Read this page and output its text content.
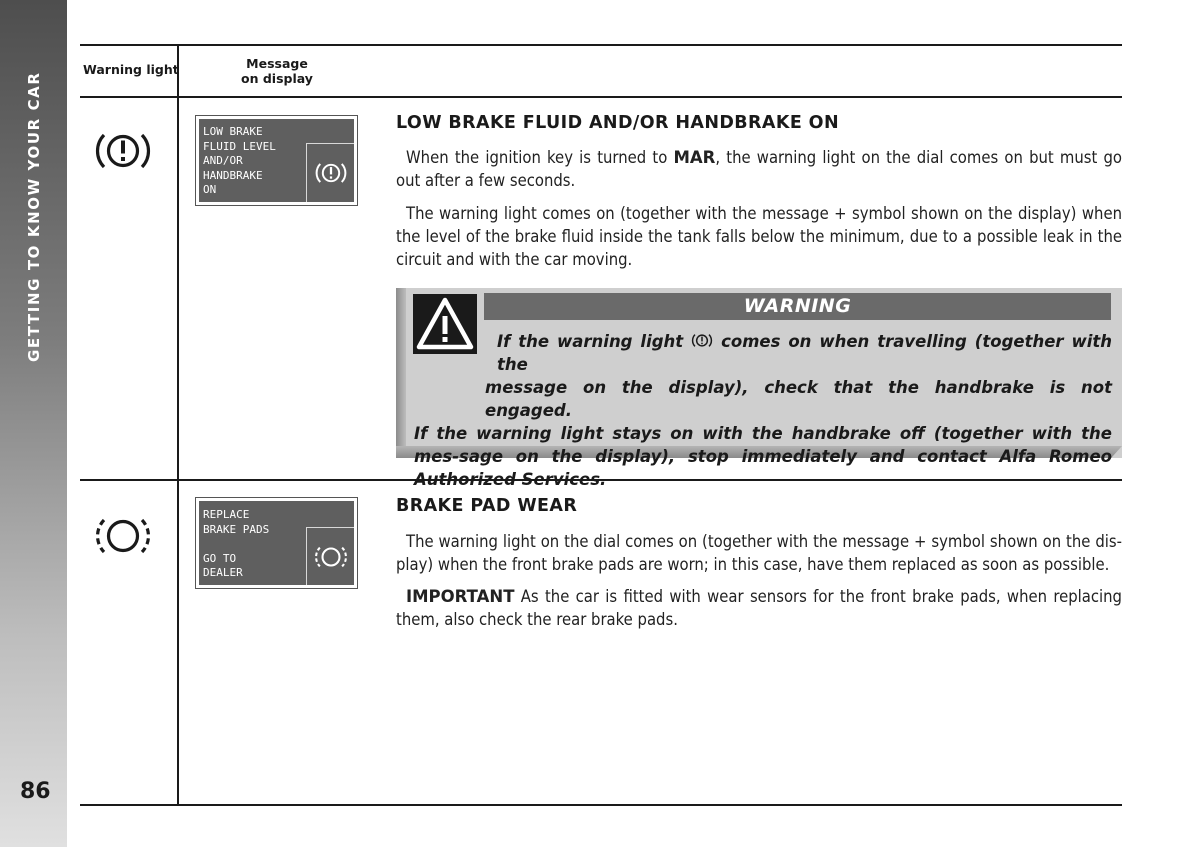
GETTING TO KNOW YOUR CAR
86
Warning light	Message
on display
LOW BRAKE
FLUID LEVEL
AND/OR
HANDBRAKE
ON
LOW BRAKE FLUID AND/OR HANDBRAKE ON
When the ignition key is turned to MAR, the warning light on the dial comes on but must go out after a few seconds.
The warning light comes on (together with the message + symbol shown on the display) when the level of the brake fluid inside the tank falls below the minimum, due to a possible leak in the circuit and with the car moving.
WARNING
If the warning light  comes on when travelling (together with the
message on the display), check that the handbrake is not engaged.
If the warning light stays on with the handbrake off (together with the mes-sage on the display), stop immediately and contact Alfa Romeo Authorized Services.
REPLACE
BRAKE PADS

GO TO
DEALER
BRAKE PAD WEAR
The warning light on the dial comes on (together with the message + symbol shown on the dis-play) when the front brake pads are worn; in this case, have them replaced as soon as possible.
IMPORTANT As the car is fitted with wear sensors for the front brake pads, when replacing them, also check the rear brake pads.
